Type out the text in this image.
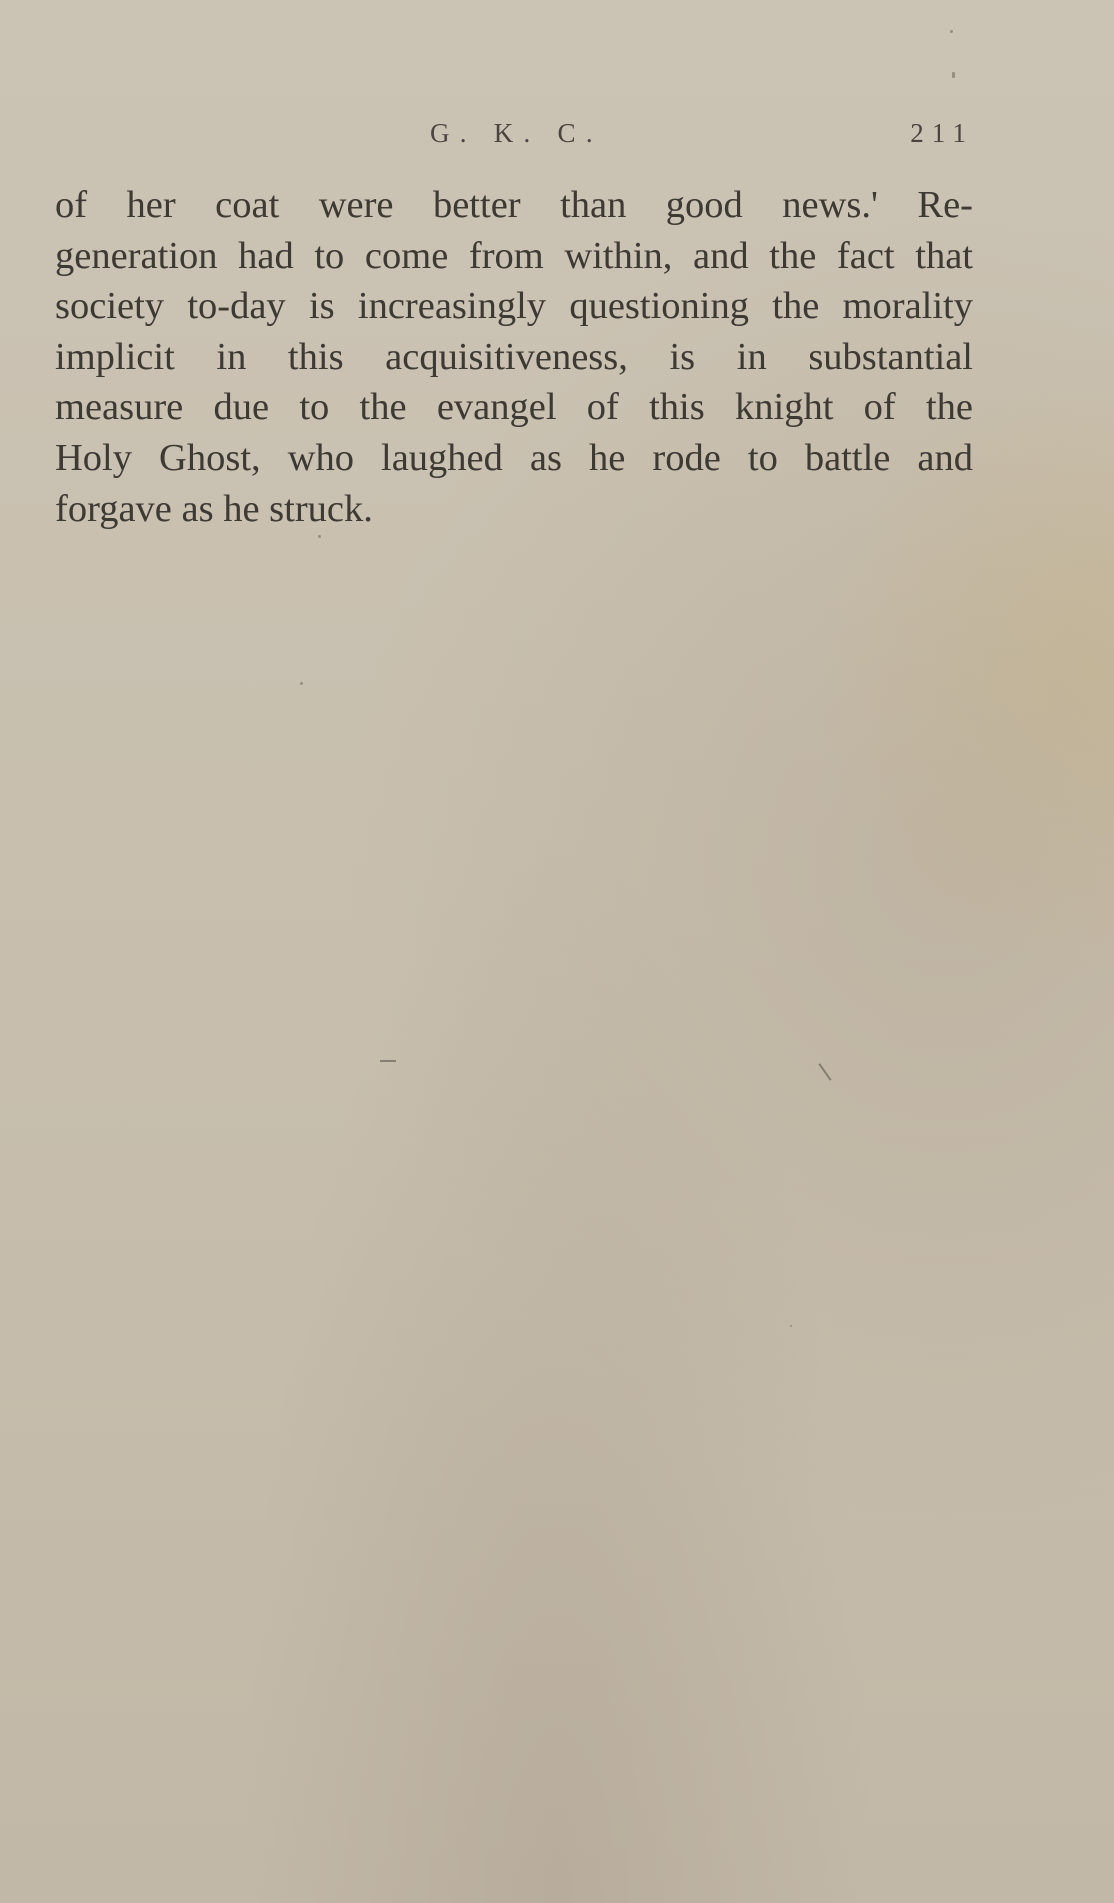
G. K. C.	211
of her coat were better than good news.' Re-
generation had to come from within, and the fact that
society to-day is increasingly questioning the morality
implicit in this acquisitiveness, is in substantial
measure due to the evangel of this knight of the
Holy Ghost, who laughed as he rode to battle and
forgave as he struck.
